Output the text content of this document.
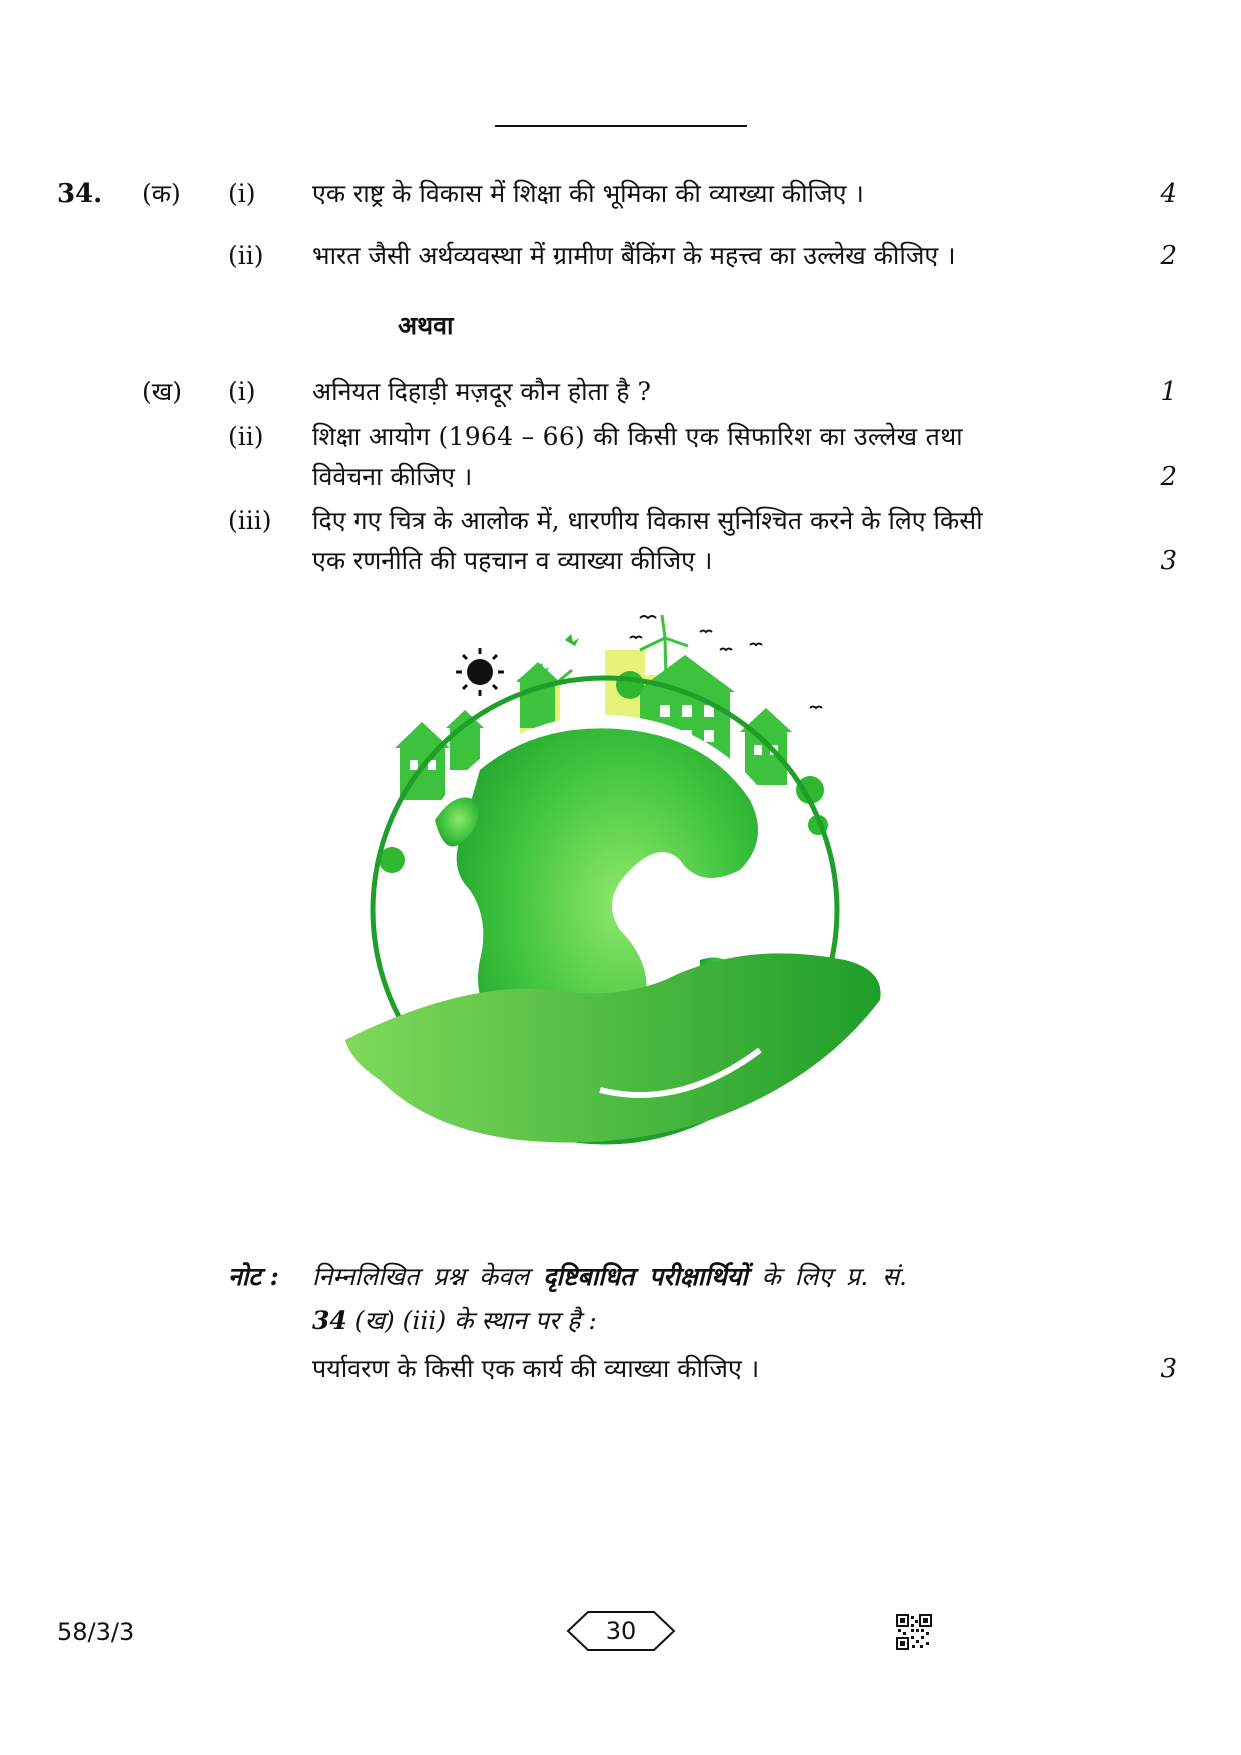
34. (क) (i) एक राष्ट्र के विकास में शिक्षा की भूमिका की व्याख्या कीजिए ।	4
(ii) भारत जैसी अर्थव्यवस्था में ग्रामीण बैंकिंग के महत्त्व का उल्लेख कीजिए ।	2
अथवा
(ख) (i) अनियत दिहाड़ी मज़दूर कौन होता है ?	1
(ii) शिक्षा आयोग (1964 – 66) की किसी एक सिफारिश का उल्लेख तथा
विवेचना कीजिए ।	2
(iii) दिए गए चित्र के आलोक में, धारणीय विकास सुनिश्चित करने के लिए किसी
एक रणनीति की पहचान व व्याख्या कीजिए ।	3
नोट : निम्नलिखित प्रश्न केवल दृष्टिबाधित परीक्षार्थियों के लिए प्र. सं.
34 (ख) (iii) के स्थान पर है :
पर्यावरण के किसी एक कार्य की व्याख्या कीजिए ।	3
58/3/3	30
